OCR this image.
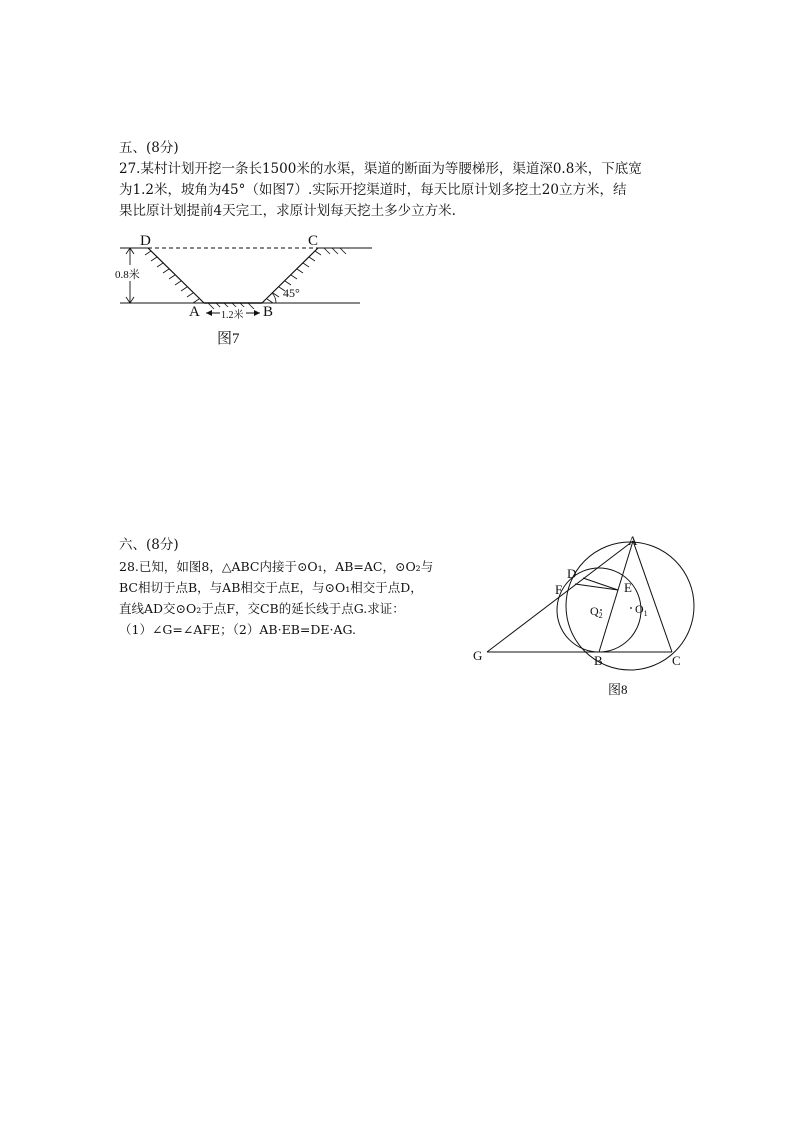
五、(8分)
27.某村计划开挖一条长1500米的水渠，渠道的断面为等腰梯形，渠道深0.8米，下底宽
为1.2米，坡角为45°（如图7）.实际开挖渠道时，每天比原计划多挖土20立方米，结
果比原计划提前4天完工，求原计划每天挖土多少立方米.
0.8米
1.2米
45°
D	C
A	B
图7
六、(8分)
28.已知，如图8，△ABC内接于⊙O₁，AB=AC，⊙O₂与
BC相切于点B，与AB相交于点E，与⊙O₁相交于点D，
直线AD交⊙O₂于点F，交CB的延长线于点G.求证：
（1）∠G=∠AFE；（2）AB·EB=DE·AG.
A
B	C
D
E
F
G
$O_1$
$Q_2$
图8
